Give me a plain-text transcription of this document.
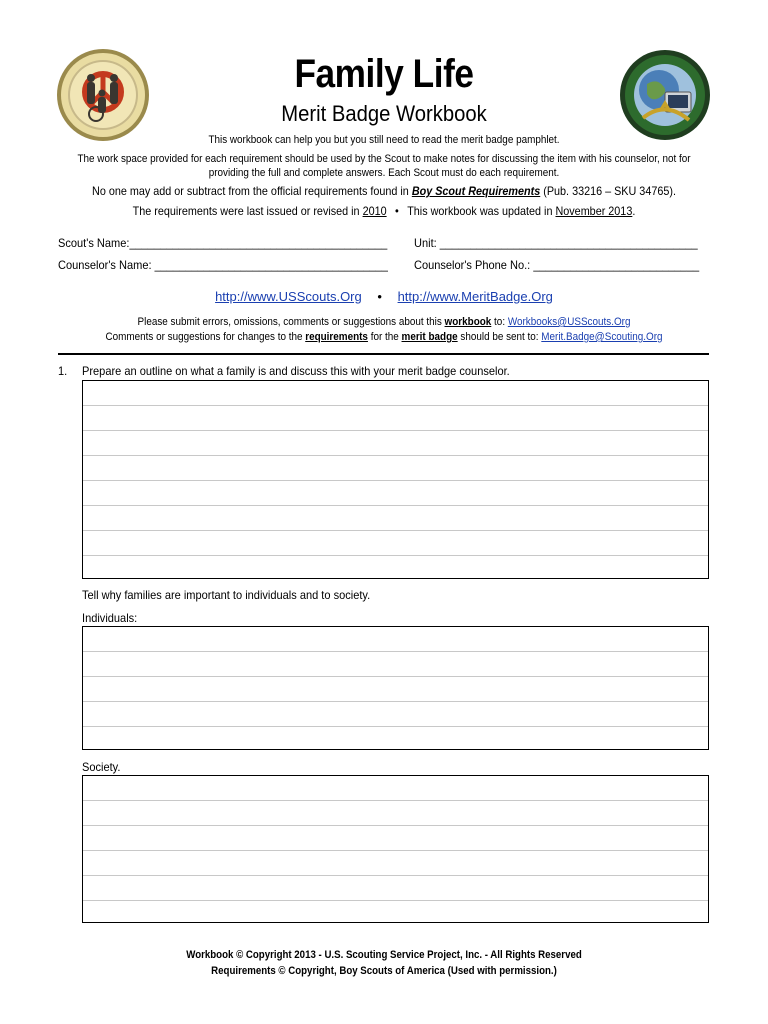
Family Life
Merit Badge Workbook
This workbook can help you but you still need to read the merit badge pamphlet.
The work space provided for each requirement should be used by the Scout to make notes for discussing the item with his counselor, not for
providing the full and complete answers. Each Scout must do each requirement.
No one may add or subtract from the official requirements found in Boy Scout Requirements (Pub. 33216 – SKU 34765).
The requirements were last issued or revised in 2010 • This workbook was updated in November 2013.
Scout's Name:__________________________________________ Unit: __________________________________________
Counselor's Name: ______________________________________ Counselor's Phone No.: ___________________________
http://www.USScouts.Org • http://www.MeritBadge.Org
Please submit errors, omissions, comments or suggestions about this workbook to: Workbooks@USScouts.Org
Comments or suggestions for changes to the requirements for the merit badge should be sent to: Merit.Badge@Scouting.Org
1. Prepare an outline on what a family is and discuss this with your merit badge counselor.
Tell why families are important to individuals and to society.
Individuals:
Society.
Workbook © Copyright 2013 - U.S. Scouting Service Project, Inc. - All Rights Reserved
Requirements © Copyright, Boy Scouts of America (Used with permission.)
